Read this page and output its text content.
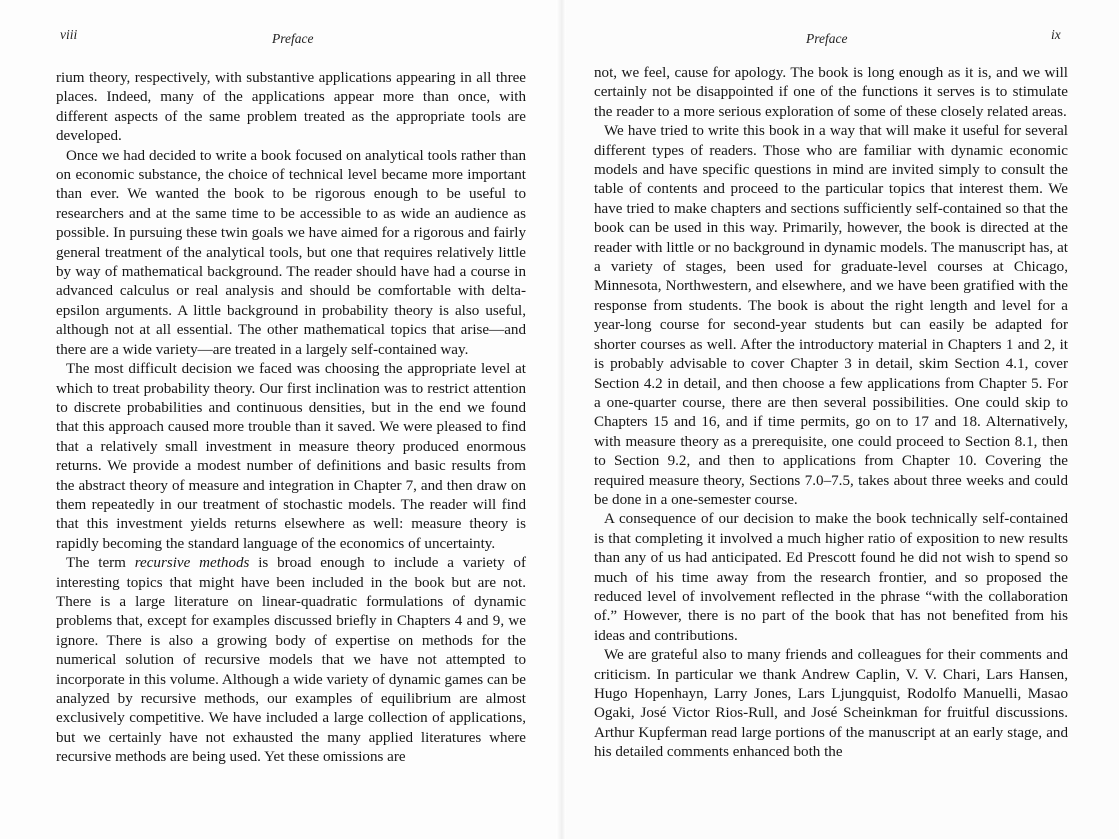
viii	Preface	Preface	ix

rium theory, respectively, with substantive applications appearing in all three places. Indeed, many of the applications appear more than once, with different aspects of the same problem treated as the appropriate tools are developed.

Once we had decided to write a book focused on analytical tools rather than on economic substance, the choice of technical level became more important than ever. We wanted the book to be rigorous enough to be useful to researchers and at the same time to be accessible to as wide an audience as possible. In pursuing these twin goals we have aimed for a rigorous and fairly general treatment of the analytical tools, but one that requires relatively little by way of mathematical background. The reader should have had a course in advanced calculus or real analysis and should be comfortable with delta-epsilon arguments. A little background in probability theory is also useful, although not at all essential. The other mathematical topics that arise—and there are a wide variety—are treated in a largely self-contained way.

The most difficult decision we faced was choosing the appropriate level at which to treat probability theory. Our first inclination was to restrict attention to discrete probabilities and continuous densities, but in the end we found that this approach caused more trouble than it saved. We were pleased to find that a relatively small investment in measure theory produced enormous returns. We provide a modest number of definitions and basic results from the abstract theory of measure and integration in Chapter 7, and then draw on them repeatedly in our treatment of stochastic models. The reader will find that this investment yields returns elsewhere as well: measure theory is rapidly becoming the standard language of the economics of uncertainty.

The term recursive methods is broad enough to include a variety of interesting topics that might have been included in the book but are not. There is a large literature on linear-quadratic formulations of dynamic problems that, except for examples discussed briefly in Chapters 4 and 9, we ignore. There is also a growing body of expertise on methods for the numerical solution of recursive models that we have not attempted to incorporate in this volume. Although a wide variety of dynamic games can be analyzed by recursive methods, our examples of equilibrium are almost exclusively competitive. We have included a large collection of applications, but we certainly have not exhausted the many applied literatures where recursive methods are being used. Yet these omissions are

not, we feel, cause for apology. The book is long enough as it is, and we will certainly not be disappointed if one of the functions it serves is to stimulate the reader to a more serious exploration of some of these closely related areas.

We have tried to write this book in a way that will make it useful for several different types of readers. Those who are familiar with dynamic economic models and have specific questions in mind are invited simply to consult the table of contents and proceed to the particular topics that interest them. We have tried to make chapters and sections sufficiently self-contained so that the book can be used in this way. Primarily, however, the book is directed at the reader with little or no background in dynamic models. The manuscript has, at a variety of stages, been used for graduate-level courses at Chicago, Minnesota, Northwestern, and elsewhere, and we have been gratified with the response from students. The book is about the right length and level for a year-long course for second-year students but can easily be adapted for shorter courses as well. After the introductory material in Chapters 1 and 2, it is probably advisable to cover Chapter 3 in detail, skim Section 4.1, cover Section 4.2 in detail, and then choose a few applications from Chapter 5. For a one-quarter course, there are then several possibilities. One could skip to Chapters 15 and 16, and if time permits, go on to 17 and 18. Alternatively, with measure theory as a prerequisite, one could proceed to Section 8.1, then to Section 9.2, and then to applications from Chapter 10. Covering the required measure theory, Sections 7.0–7.5, takes about three weeks and could be done in a one-semester course.

A consequence of our decision to make the book technically self-contained is that completing it involved a much higher ratio of exposition to new results than any of us had anticipated. Ed Prescott found he did not wish to spend so much of his time away from the research frontier, and so proposed the reduced level of involvement reflected in the phrase “with the collaboration of.” However, there is no part of the book that has not benefited from his ideas and contributions.

We are grateful also to many friends and colleagues for their comments and criticism. In particular we thank Andrew Caplin, V. V. Chari, Lars Hansen, Hugo Hopenhayn, Larry Jones, Lars Ljungquist, Rodolfo Manuelli, Masao Ogaki, José Victor Rios-Rull, and José Scheinkman for fruitful discussions. Arthur Kupferman read large portions of the manuscript at an early stage, and his detailed comments enhanced both the
